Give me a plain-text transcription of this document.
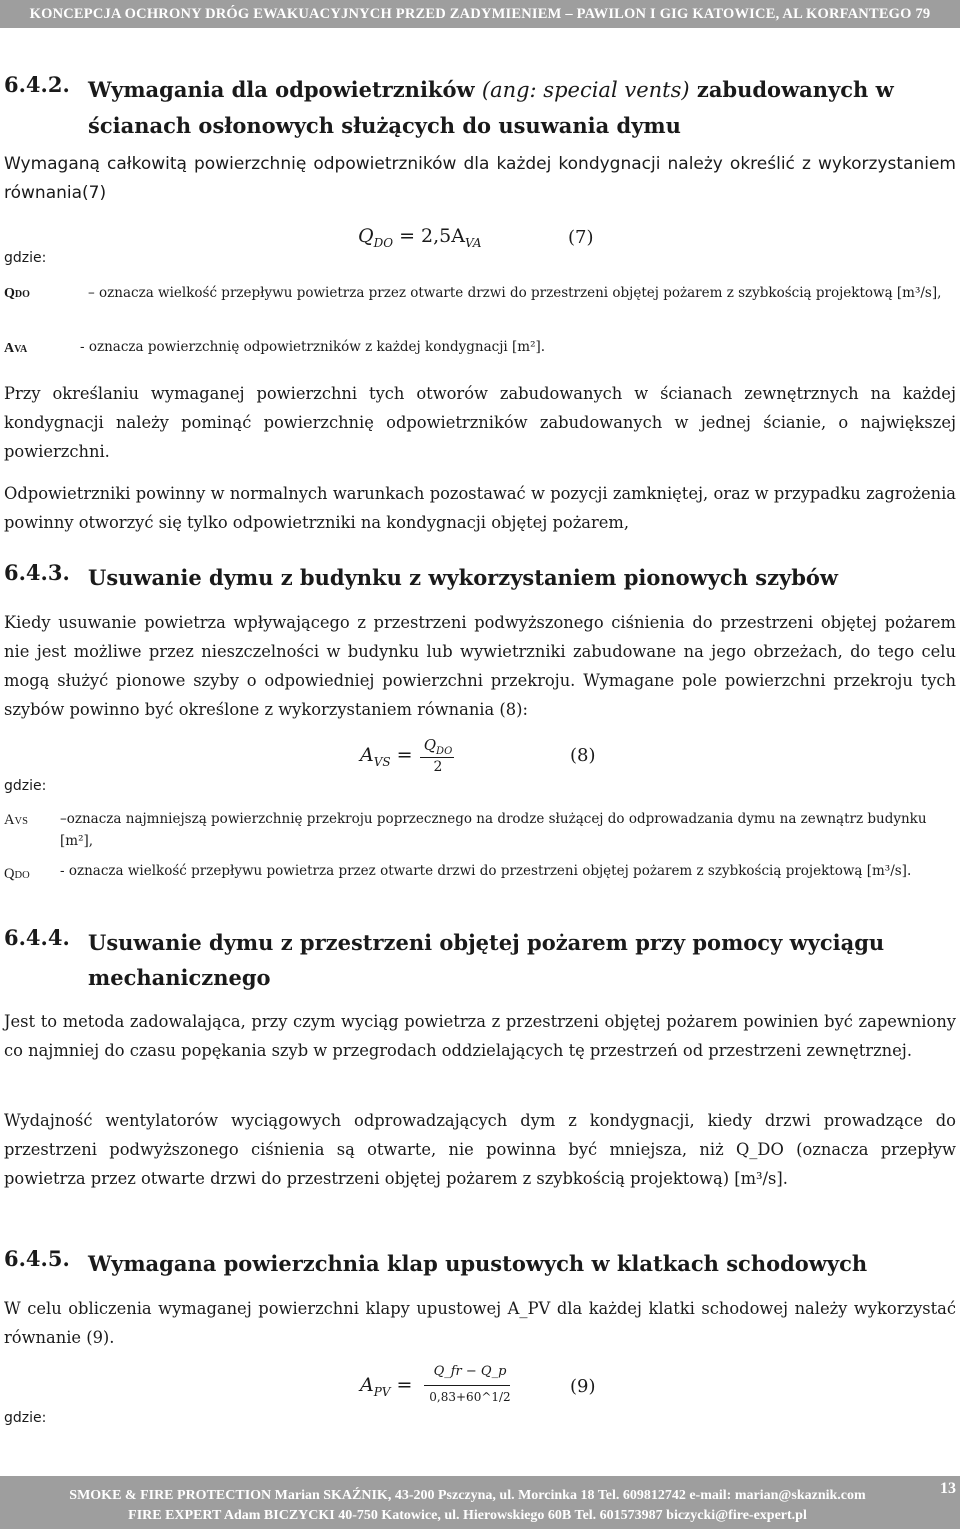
KONCEPCJA OCHRONY DRÓG EWAKUACYJNYCH PRZED ZADYMIENIEM – PAWILON I GIG KATOWICE, AL KORFANTEGO 79
6.4.2. Wymagania dla odpowietrzników (ang: special vents) zabudowanych w ścianach osłonowych służących do usuwania dymu
Wymaganą całkowitą powierzchnię odpowietrzników dla każdej kondygnacji należy określić z wykorzystaniem równania(7)
$Q_{DO} = 2,5A_{VA}$	(7)
gdzie:
QDO	– oznacza wielkość przepływu powietrza przez otwarte drzwi do przestrzeni objętej pożarem z szybkością projektową [m³/s],
AVA	- oznacza powierzchnię odpowietrzników z każdej kondygnacji [m²].
Przy określaniu wymaganej powierzchni tych otworów zabudowanych w ścianach zewnętrznych na każdej kondygnacji należy pominąć powierzchnię odpowietrzników zabudowanych w jednej ścianie, o największej powierzchni.
Odpowietrzniki powinny w normalnych warunkach pozostawać w pozycji zamkniętej, oraz w przypadku zagrożenia powinny otworzyć się tylko odpowietrzniki na kondygnacji objętej pożarem,
6.4.3. Usuwanie dymu z budynku z wykorzystaniem pionowych szybów
Kiedy usuwanie powietrza wpływającego z przestrzeni podwyższonego ciśnienia do przestrzeni objętej pożarem nie jest możliwe przez nieszczelności w budynku lub wywietrzniki zabudowane na jego obrzeżach, do tego celu mogą służyć pionowe szyby o odpowiedniej powierzchni przekroju. Wymagane pole powierzchni przekroju tych szybów powinno być określone z wykorzystaniem równania (8):
$A_{VS} = Q_{DO}$
2
(8)
gdzie:
AVS –oznacza najmniejszą powierzchnię przekroju poprzecznego na drodze służącej do odprowadzania dymu na zewnątrz budynku [m²],
QDO - oznacza wielkość przepływu powietrza przez otwarte drzwi do przestrzeni objętej pożarem z szybkością projektową [m³/s].
6.4.4. Usuwanie dymu z przestrzeni objętej pożarem przy pomocy wyciągu mechanicznego
Jest to metoda zadowalająca, przy czym wyciąg powietrza z przestrzeni objętej pożarem powinien być zapewniony co najmniej do czasu popękania szyb w przegrodach oddzielających tę przestrzeń od przestrzeni zewnętrznej.
Wydajność wentylatorów wyciągowych odprowadzających dym z kondygnacji, kiedy drzwi prowadzące do przestrzeni podwyższonego ciśnienia są otwarte, nie powinna być mniejsza, niż Q_DO (oznacza przepływ powietrza przez otwarte drzwi do przestrzeni objętej pożarem z szybkością projektową) [m³/s].
6.4.5. Wymagana powierzchnia klap upustowych w klatkach schodowych
W celu obliczenia wymaganej powierzchni klapy upustowej A_PV dla każdej klatki schodowej należy wykorzystać równanie (9).
$A_{PV}$ =
Q_fr − Q_p
0,83+60^1/2	(9)
gdzie:
SMOKE & FIRE PROTECTION Marian SKAŹNIK, 43-200 Pszczyna, ul. Morcinka 18 Tel. 609812742 e-mail: marian@skaznik.com
FIRE EXPERT Adam BICZYCKI 40-750 Katowice, ul. Hierowskiego 60B Tel. 601573987 biczycki@fire-expert.pl
13
